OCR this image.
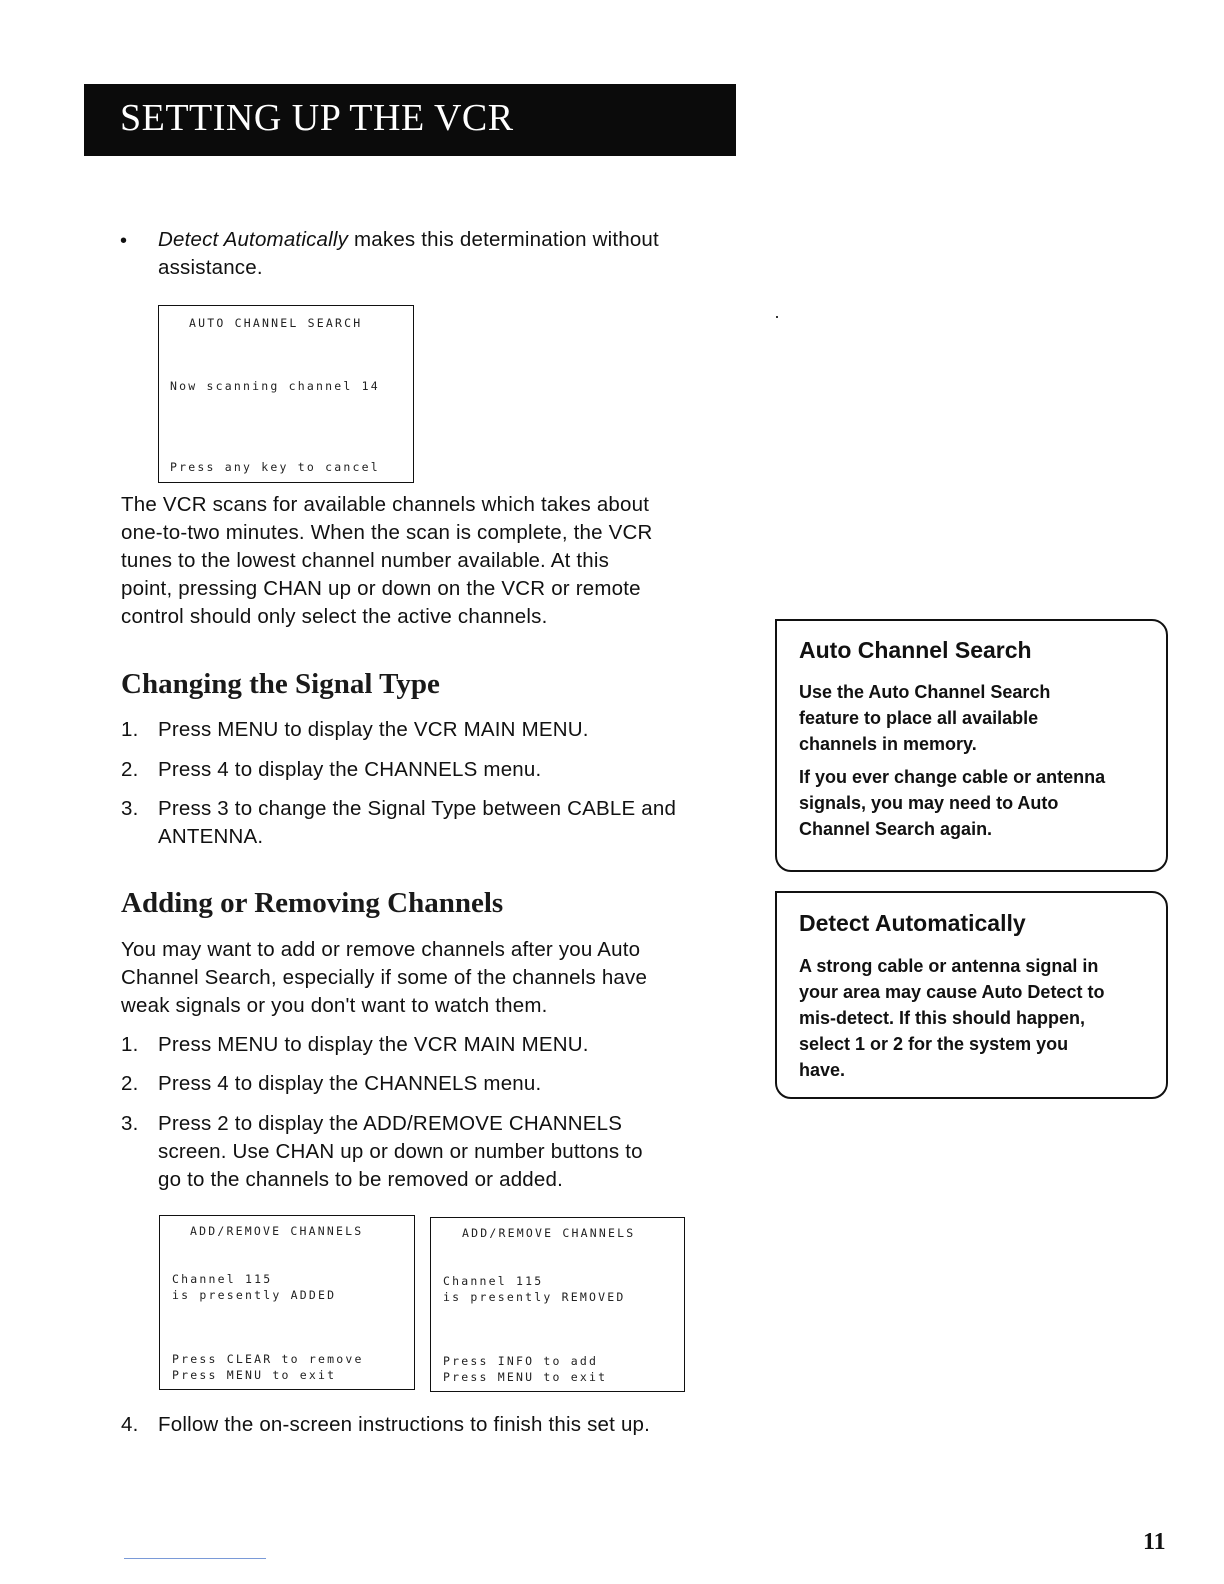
SETTING UP THE VCR
• Detect Automatically makes this determination without
assistance.

AUTO CHANNEL SEARCH

Now scanning channel 14

Press any key to cancel

The VCR scans for available channels which takes about
one-to-two minutes. When the scan is complete, the VCR
tunes to the lowest channel number available. At this
point, pressing CHAN up or down on the VCR or remote
control should only select the active channels.
Changing the Signal Type
1. Press MENU to display the VCR MAIN MENU.
2. Press 4 to display the CHANNELS menu.
3. Press 3 to change the Signal Type between CABLE and
ANTENNA.
Adding or Removing Channels
You may want to add or remove channels after you Auto
Channel Search, especially if some of the channels have
weak signals or you don't want to watch them.
1. Press MENU to display the VCR MAIN MENU.
2. Press 4 to display the CHANNELS menu.
3. Press 2 to display the ADD/REMOVE CHANNELS
screen. Use CHAN up or down or number buttons to
go to the channels to be removed or added.

ADD/REMOVE CHANNELS

Channel 115

is presently ADDED

Press CLEAR to remove

Press MENU to exit

ADD/REMOVE CHANNELS

Channel 115

is presently REMOVED

Press INFO to add

Press MENU to exit

4. Follow the on-screen instructions to finish this set up.
Auto Channel Search
Use the Auto Channel Search
feature to place all available
channels in memory.
If you ever change cable or antenna
signals, you may need to Auto
Channel Search again.
Detect Automatically
A strong cable or antenna signal in
your area may cause Auto Detect to
mis-detect. If this should happen,
select 1 or 2 for the system you
have.
11
